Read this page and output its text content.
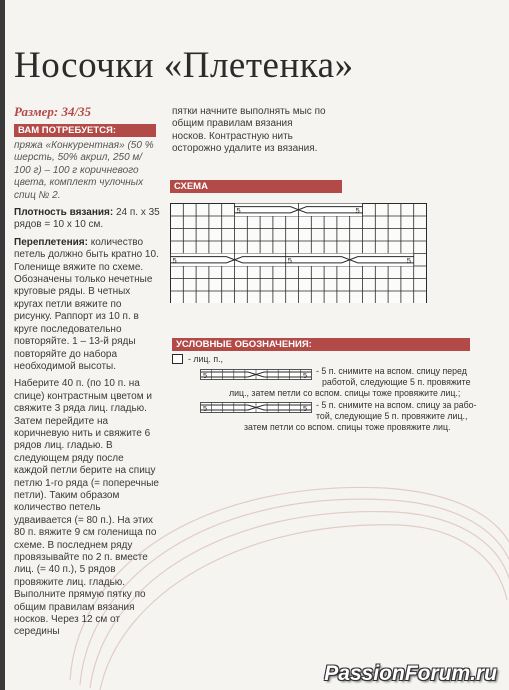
Носочки «Плетенка»
Размер: 34/35
ВАМ ПОТРЕБУЕТСЯ:

пряжа «Конкурентная» (50 % шерсть, 50% акрил, 250 м/ 100 г) – 100 г коричневого цвета, комплект чулочных спиц № 2.

Плотность вязания: 24 п. х 35 рядов = 10 х 10 см.

Переплетения: количество петель должно быть кратно 10. Голенище вяжите по схеме. Обозначены только нечетные круговые ряды. В четных кругах петли вяжите по рисунку. Раппорт из 10 п. в круге последовательно повторяйте. 1 – 13-й ряды повторяйте до набора необходимой высоты.

Наберите 40 п. (по 10 п. на спице) контрастным цветом и свяжите 3 ряда лиц. гладью. Затем перейдите на коричневую нить и свяжите 6 рядов лиц. гладью. В следующем ряду после каждой петли берите на спицу петлю 1-го ряда (= поперечные петли). Таким образом количество петель удваивается (= 80 п.). На этих 80 п. вяжите 9 см голенища по схеме. В последнем ряду провязывайте по 2 п. вместе лиц. (= 40 п.), 5 рядов провяжите лиц. гладью. Выполните прямую пятку по общим правилам вязания носков. Через 12 см от середины

пятки начните выполнять мыс по общим правилам вязания носков. Контрастную нить осторожно удалите из вязания.
СХЕМА
5	5
5	5	5
УСЛОВНЫЕ ОБОЗНАЧЕНИЯ:
- лиц. п.,
5	5 - 5 п. снимите на вспом. спицу перед
работой, следующие 5 п. провяжите
лиц., затем петли со вспом. спицы тоже провяжите лиц.;
5	5 - 5 п. снимите на вспом. спицу за рабо-
той, следующие 5 п. провяжите лиц.,
затем петли со вспом. спицы тоже провяжите лиц.
PassionForum.ru
